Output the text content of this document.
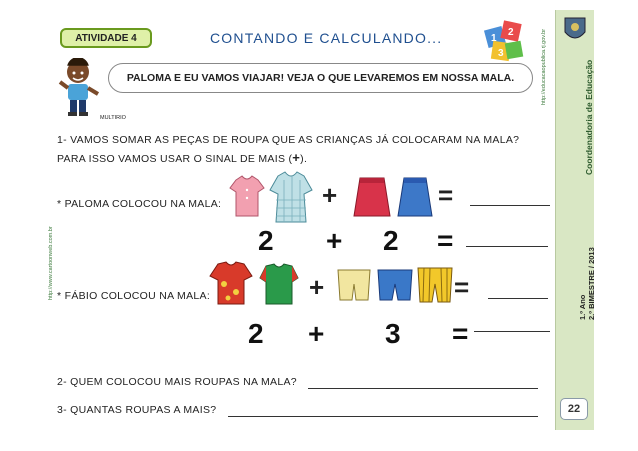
ATIVIDADE 4	CONTANDO E CALCULANDO...	1
2
3
MULTIRIO
PALOMA E EU VAMOS VIAJAR! VEJA O QUE LEVAREMOS EM NOSSA MALA.	http://educacaopublica.rj.gov.br
http://www.cartoonweb.com.br
Coordenadoria de Educação
1.º Ano 2.º BIMESTRE / 2013
22
1- VAMOS SOMAR AS PEÇAS DE ROUPA QUE AS CRIANÇAS JÁ COLOCARAM NA MALA?
PARA ISSO VAMOS USAR O SINAL DE MAIS (+).
* PALOMA COLOCOU NA MALA:	+	=
2 + 2 =
* FÁBIO COLOCOU NA MALA:	+	=
2 + 3 =
2- QUEM COLOCOU MAIS ROUPAS NA MALA?
3- QUANTAS ROUPAS A MAIS?
